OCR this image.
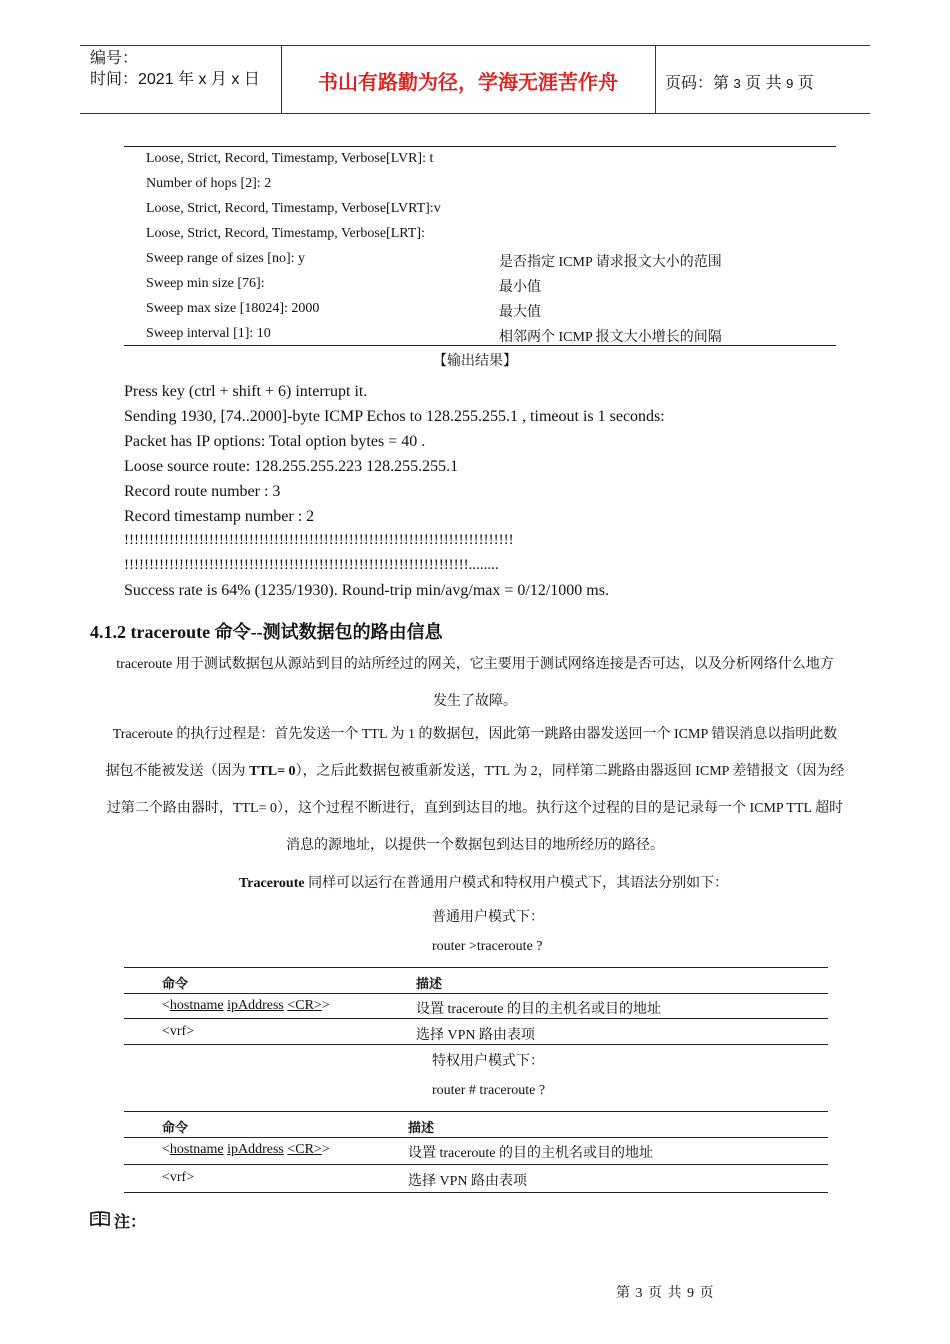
编号：
时间：2021 年 x 月 x 日	书山有路勤为径，学海无涯苦作舟	页码：第 3 页 共 9 页
Loose, Strict, Record, Timestamp, Verbose[LVR]: t
Number of hops [2]: 2
Loose, Strict, Record, Timestamp, Verbose[LVRT]:v
Loose, Strict, Record, Timestamp, Verbose[LRT]:
Sweep range of sizes [no]: y	是否指定 ICMP 请求报文大小的范围
Sweep min size [76]:	最小值
Sweep max size [18024]: 2000	最大值
Sweep interval [1]: 10	相邻两个 ICMP 报文大小增长的间隔
【输出结果】
Press key (ctrl + shift + 6) interrupt it.
Sending 1930, [74..2000]-byte ICMP Echos to 128.255.255.1 , timeout is 1 seconds:
Packet has IP options: Total option bytes = 40 .
Loose source route: 128.255.255.223 128.255.255.1
Record route number : 3
Record timestamp number : 2
!!!!!!!!!!!!!!!!!!!!!!!!!!!!!!!!!!!!!!!!!!!!!!!!!!!!!!!!!!!!!!!!!!!!!!!!!!!!!!
!!!!!!!!!!!!!!!!!!!!!!!!!!!!!!!!!!!!!!!!!!!!!!!!!!!!!!!!!!!!!!!!!!!!!........
Success rate is 64% (1235/1930). Round-trip min/avg/max = 0/12/1000 ms.
4.1.2 traceroute 命令--测试数据包的路由信息
traceroute 用于测试数据包从源站到目的站所经过的网关，它主要用于测试网络连接是否可达，以及分析网络什么地方
发生了故障。
Traceroute 的执行过程是：首先发送一个 TTL 为 1 的数据包，因此第一跳路由器发送回一个 ICMP 错误消息以指明此数
据包不能被发送（因为 TTL= 0），之后此数据包被重新发送，TTL 为 2，同样第二跳路由器返回 ICMP 差错报文（因为经
过第二个路由器时，TTL= 0），这个过程不断进行，直到到达目的地。执行这个过程的目的是记录每一个 ICMP TTL 超时
消息的源地址，以提供一个数据包到达目的地所经历的路径。
Traceroute 同样可以运行在普通用户模式和特权用户模式下，其语法分别如下：
普通用户模式下：
router >traceroute ?
命令	描述
<hostname ipAddress <CR>>	设置 traceroute 的目的主机名或目的地址
<vrf>	选择 VPN 路由表项
特权用户模式下：
router # traceroute ?
命令	描述
<hostname ipAddress <CR>>	设置 traceroute 的目的主机名或目的地址
<vrf>	选择 VPN 路由表项
注：
第 3 页 共 9 页
